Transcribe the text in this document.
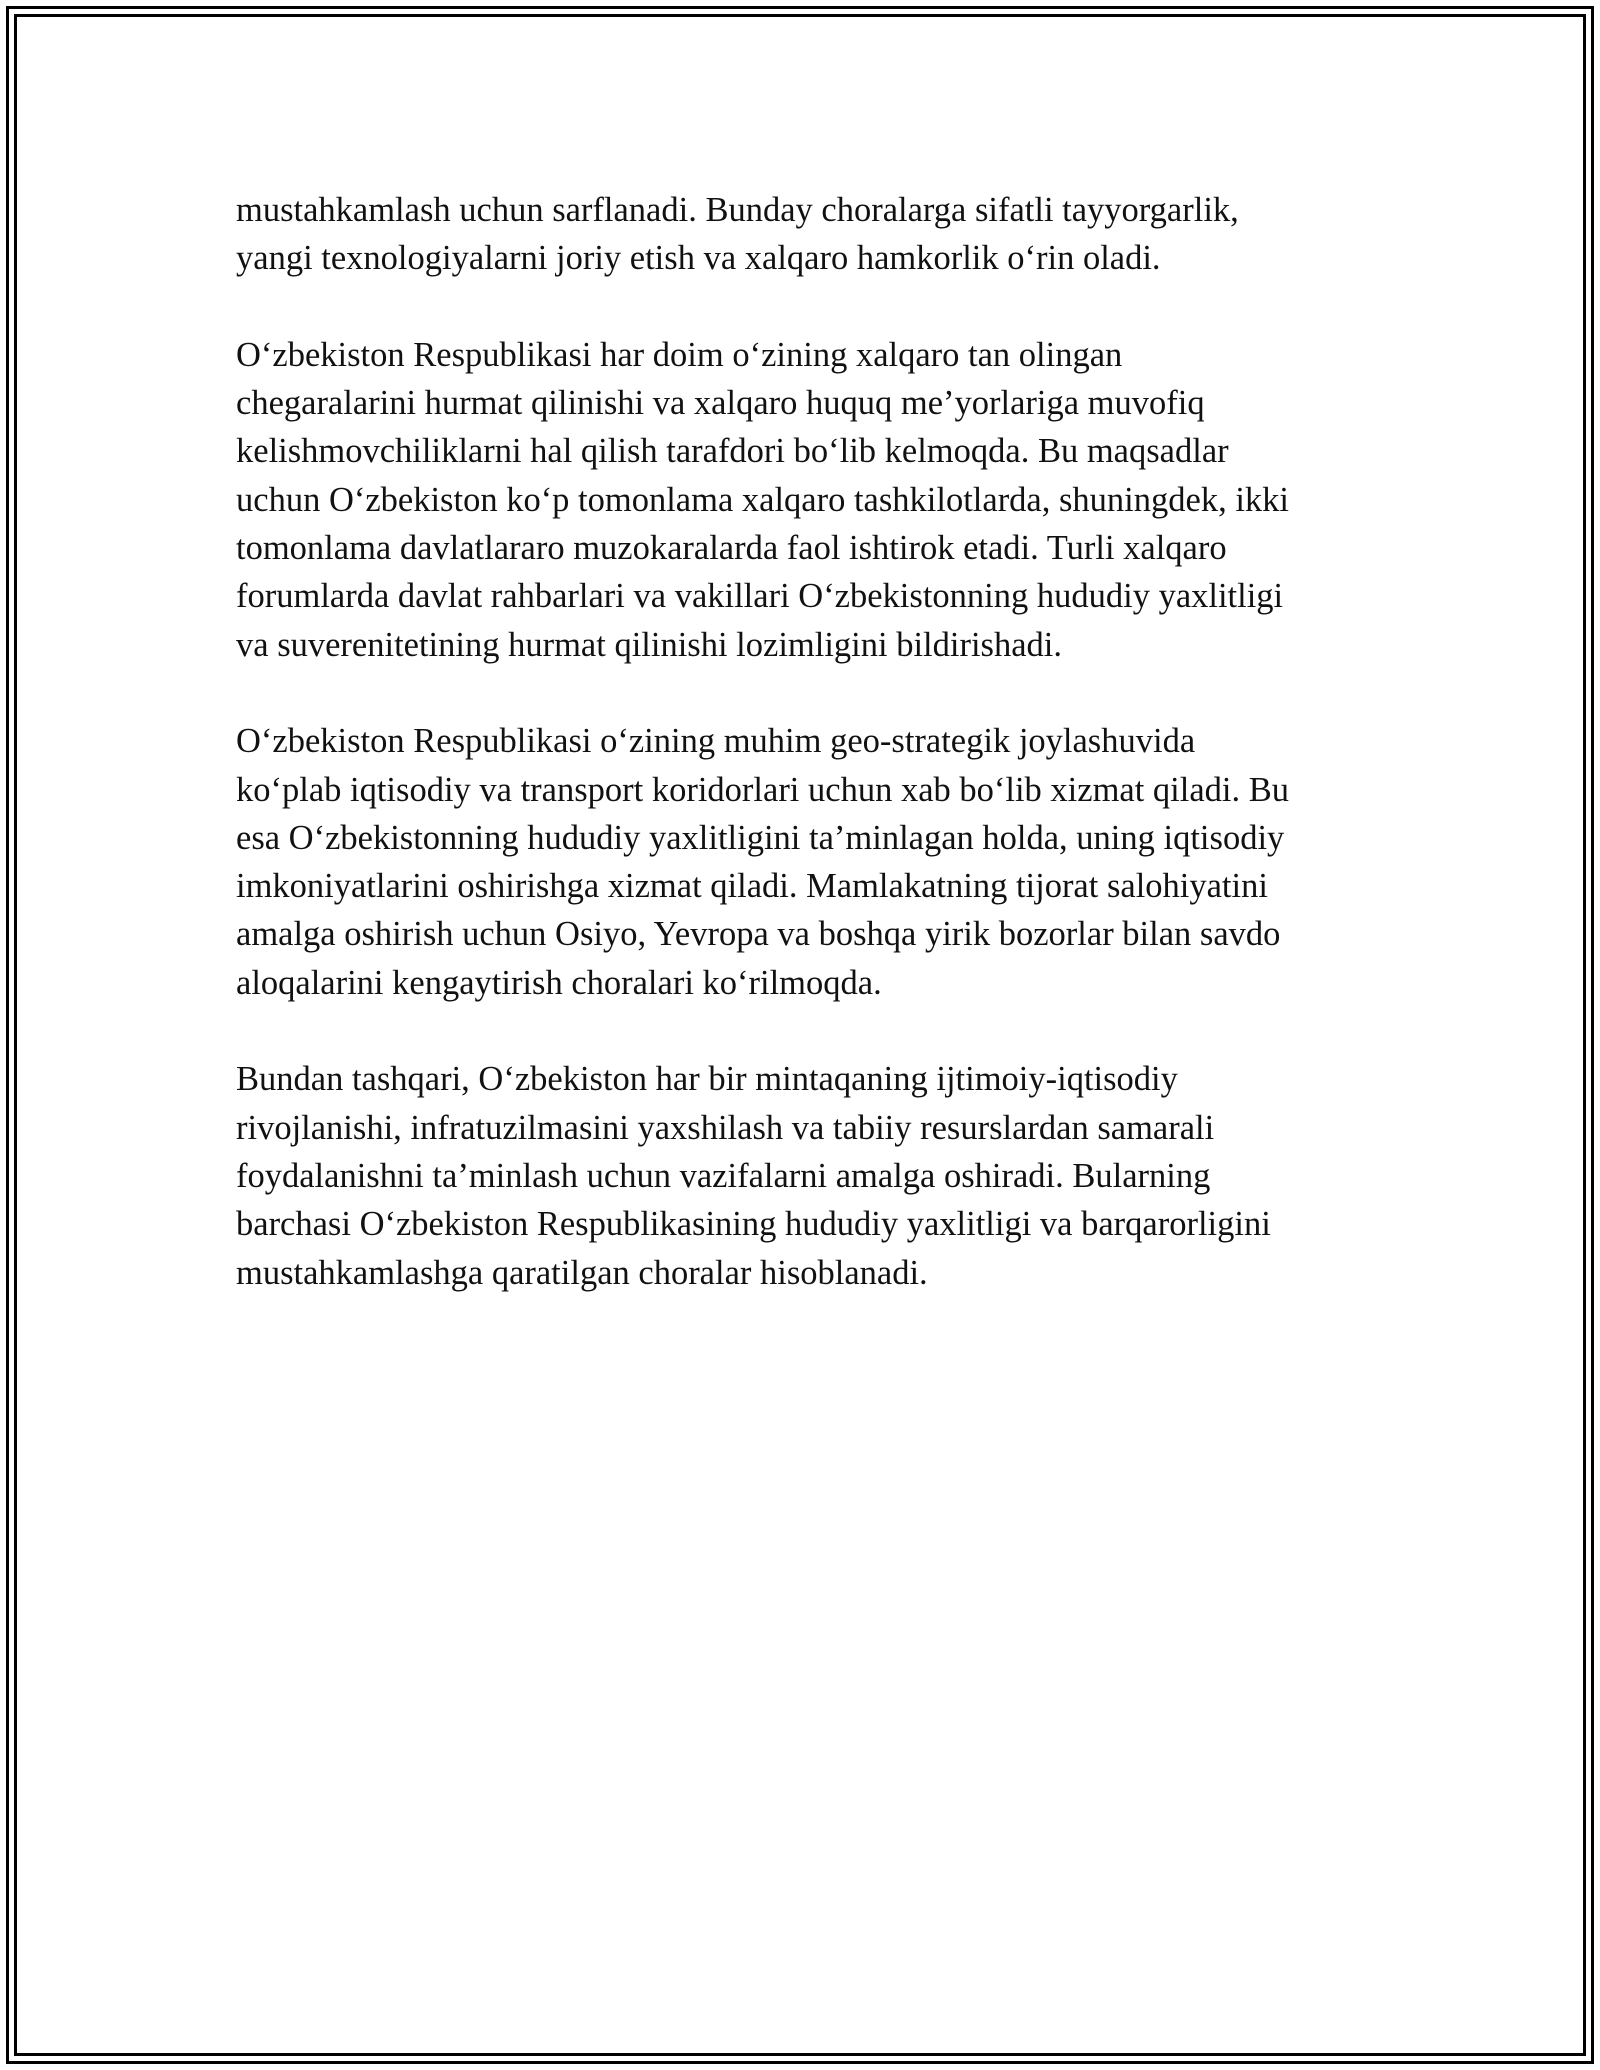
mustahkamlash uchun sarflanadi. Bunday choralarga sifatli tayyorgarlik,
yangi texnologiyalarni joriy etish va xalqaro hamkorlik o‘rin oladi.
O‘zbekiston Respublikasi har doim o‘zining xalqaro tan olingan
chegaralarini hurmat qilinishi va xalqaro huquq me’yorlariga muvofiq
kelishmovchiliklarni hal qilish tarafdori bo‘lib kelmoqda. Bu maqsadlar
uchun O‘zbekiston ko‘p tomonlama xalqaro tashkilotlarda, shuningdek, ikki
tomonlama davlatlararo muzokaralarda faol ishtirok etadi. Turli xalqaro
forumlarda davlat rahbarlari va vakillari O‘zbekistonning hududiy yaxlitligi
va suverenitetining hurmat qilinishi lozimligini bildirishadi.
O‘zbekiston Respublikasi o‘zining muhim geo-strategik joylashuvida
ko‘plab iqtisodiy va transport koridorlari uchun xab bo‘lib xizmat qiladi. Bu
esa O‘zbekistonning hududiy yaxlitligini ta’minlagan holda, uning iqtisodiy
imkoniyatlarini oshirishga xizmat qiladi. Mamlakatning tijorat salohiyatini
amalga oshirish uchun Osiyo, Yevropa va boshqa yirik bozorlar bilan savdo
aloqalarini kengaytirish choralari ko‘rilmoqda.
Bundan tashqari, O‘zbekiston har bir mintaqaning ijtimoiy-iqtisodiy
rivojlanishi, infratuzilmasini yaxshilash va tabiiy resurslardan samarali
foydalanishni ta’minlash uchun vazifalarni amalga oshiradi. Bularning
barchasi O‘zbekiston Respublikasining hududiy yaxlitligi va barqarorligini
mustahkamlashga qaratilgan choralar hisoblanadi.
